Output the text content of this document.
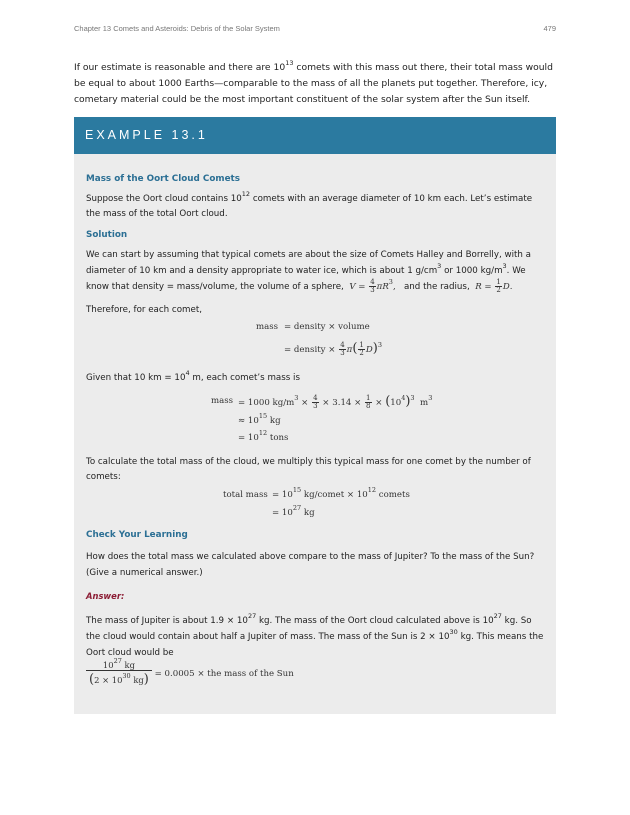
Chapter 13 Comets and Asteroids: Debris of the Solar System	479

If our estimate is reasonable and there are $10^{13}$ comets with this mass out there, their total mass would be equal to about 1000 Earths—comparable to the mass of all the planets put together. Therefore, icy, cometary material could be the most important constituent of the solar system after the Sun itself.

EXAMPLE 13.1
Mass of the Oort Cloud Comets

Suppose the Oort cloud contains $10^{12}$ comets with an average diameter of 10 km each. Let’s estimate the mass of the total Oort cloud.

Solution

We can start by assuming that typical comets are about the size of Comets Halley and Borrelly, with a diameter of 10 km and a density appropriate to water ice, which is about 1 $g/cm^3$ or 1000 $kg/m^3$. We know that density = mass/volume, the volume of a sphere, $V = \frac{4}{3} \pi R^3$, and the radius, $R = \frac{1}{2} D$.

Therefore, for each comet,
mass = density × volume
= density × $\frac{4}{3} \pi( \frac{1}{2} D)^3$

Given that 10 km = $10^4$ m, each comet’s mass is

mass = 1000 $kg/m^3 \times \frac{4}{3} \times 3.14 \times \frac{1}{8} \times (10^4)^3$  $m^3$
≈ $10^{15}$ kg
= $10^{12}$ tons

To calculate the total mass of the cloud, we multiply this typical mass for one comet by the number of comets:

total mass = $10^{15}$ kg/comet × $10^{12}$ comets
= $10^{27}$ kg
Check Your Learning

How does the total mass we calculated above compare to the mass of Jupiter? To the mass of the Sun? (Give a numerical answer.)

Answer:

The mass of Jupiter is about $1.9 \times 10^{27}$ kg. The mass of the Oort cloud calculated above is $10^{27}$ kg. So the cloud would contain about half a Jupiter of mass. The mass of the Sun is $2 \times 10^{30}$ kg. This means the Oort cloud would be

$\frac{10^{27} kg}{(2 \times 10^{30} kg)} = 0.0005$ × the mass of the Sun
